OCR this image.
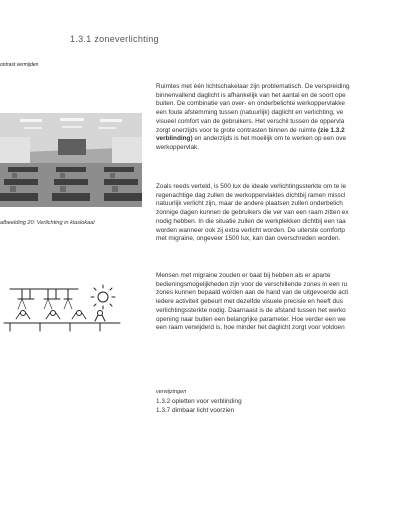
1.3.1 zoneverlichting
ontrast vermijden
afbeelding 20: Verlichting in klaslokaal

Ruimtes met één lichtschakelaar zijn problematisch. De verspreiding

binnenvallend daglicht is afhankelijk van het aantal en de soort ope

buiten. De combinatie van over- en onderbelichte werkoppervlakke

een foute afstemming tussen (natuurlijk) daglicht en verlichting, ve

visueel comfort van de gebruikers. Het verschil tussen de oppervla

zorgt enerzijds voor te grote contrasten binnen de ruimte (zie 1.3.2

verblinding) en anderzijds is het moeilijk om te werken op een ove

werkoppervlak.

Zoals reeds verteld, is 500 lux de ideale verlichtingssterkte om te le

regenachtige dag zullen de werkoppervlaktes dichtbij ramen misscl

natuurlijk verlicht zijn, maar de andere plaatsen zullen onderbelich

zonnige dagen kunnen de gebruikers die ver van een raam zitten ex

nodig hebben. In die situatie zullen de werkplekken dichtbij een raa

worden wanneer ook zij extra verlicht worden. De uiterste comfortp

met migraine, ongeveer 1500 lux, kan dan overschreden worden.

Mensen met migraine zouden er baat bij hebben als er aparte

bedieningsmogelijkheden zijn voor de verschillende zones in een ru

zones kunnen bepaald worden aan de hand van de uitgevoerde acti

iedere activiteit gebeurt met dezelfde visuele precisie en heeft dus

verlichtingssterkte nodig. Daarnaast is de afstand tussen het werko

opening naar buiten een belangrijke parameter. Hoe verder een we

een raam verwijderd is, hoe minder het daglicht zorgt voor voldoen

verwijzingen
1.3.2 opletten voor verblinding
1.3.7 dimbaar licht voorzien
